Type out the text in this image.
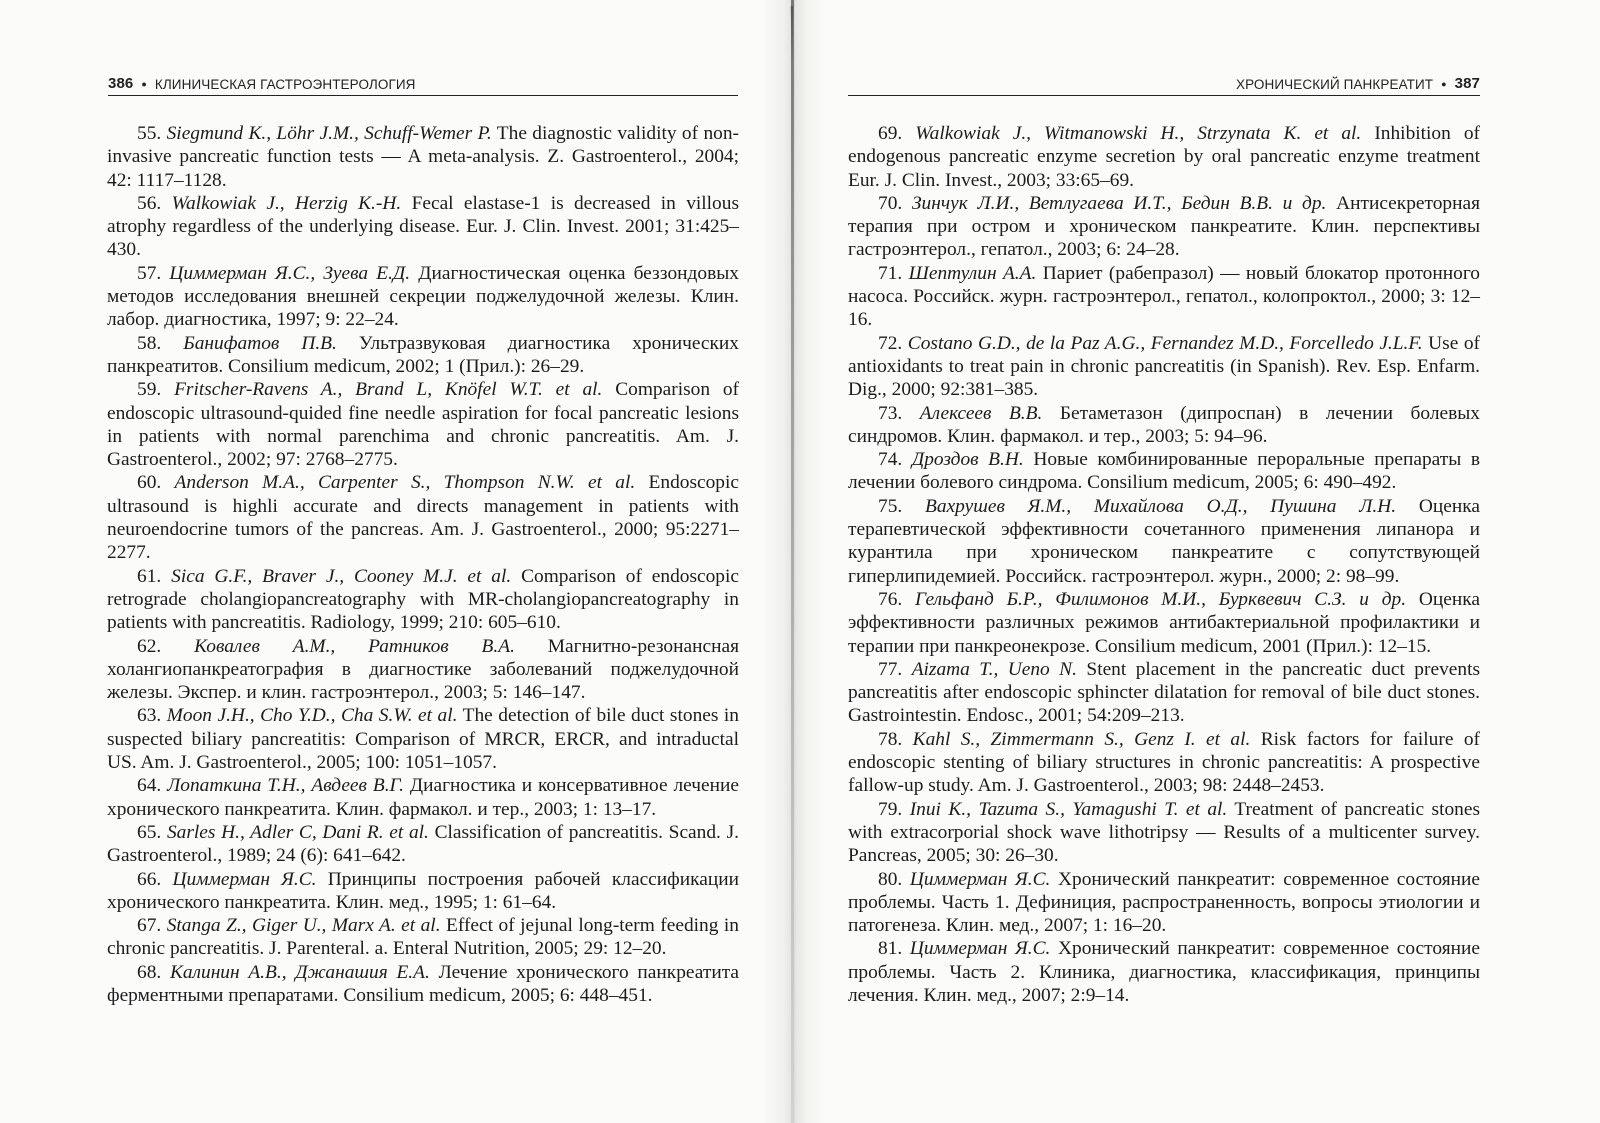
386 ● КЛИНИЧЕСКАЯ ГАСТРОЭНТЕРОЛОГИЯ	ХРОНИЧЕСКИЙ ПАНКРЕАТИТ ● 387
55. Siegmund K., Löhr J.M., Schuff-Wemer P. The diagnostic validity of non-invasive pancreatic function tests — A meta-analysis. Z. Gastroenterol., 2004; 42: 1117–1128.
56. Walkowiak J., Herzig K.-H. Fecal elastase-1 is decreased in villous atrophy regardless of the underlying disease. Eur. J. Clin. Invest. 2001; 31:425–430.
57. Циммерман Я.С., Зуева Е.Д. Диагностическая оценка беззондовых методов исследования внешней секреции поджелудочной железы. Клин. лабор. диагностика, 1997; 9: 22–24.
58. Банифатов П.В. Ультразвуковая диагностика хронических панкреатитов. Consilium medicum, 2002; 1 (Прил.): 26–29.
59. Fritscher-Ravens A., Brand L, Knöfel W.T. et al. Comparison of endoscopic ultrasound-quided fine needle aspiration for focal pancreatic lesions in patients with normal parenchima and chronic pancreatitis. Am. J. Gastroenterol., 2002; 97: 2768–2775.
60. Anderson M.A., Carpenter S., Thompson N.W. et al. Endoscopic ultrasound is highli accurate and directs management in patients with neuroendocrine tumors of the pancreas. Am. J. Gastroenterol., 2000; 95:2271–2277.
61. Sica G.F., Braver J., Cooney M.J. et al. Comparison of endoscopic retrograde cholangiopancreatography with MR-cholangiopancreatography in patients with pancreatitis. Radiology, 1999; 210: 605–610.
62. Ковалев А.М., Ратников В.А. Магнитно-резонансная холангиопанкреатография в диагностике заболеваний поджелудочной железы. Экспер. и клин. гастроэнтерол., 2003; 5: 146–147.
63. Moon J.H., Cho Y.D., Cha S.W. et al. The detection of bile duct stones in suspected biliary pancreatitis: Comparison of MRCR, ERCR, and intraductal US. Am. J. Gastroenterol., 2005; 100: 1051–1057.
64. Лопаткина Т.Н., Авдеев В.Г. Диагностика и консервативное лечение хронического панкреатита. Клин. фармакол. и тер., 2003; 1: 13–17.
65. Sarles H., Adler C, Dani R. et al. Classification of pancreatitis. Scand. J. Gastroenterol., 1989; 24 (6): 641–642.
66. Циммерман Я.С. Принципы построения рабочей классификации хронического панкреатита. Клин. мед., 1995; 1: 61–64.
67. Stanga Z., Giger U., Marx A. et al. Effect of jejunal long-term feeding in chronic pancreatitis. J. Parenteral. a. Enteral Nutrition, 2005; 29: 12–20.
68. Калинин А.В., Джанашия Е.А. Лечение хронического панкреатита ферментными препаратами. Consilium medicum, 2005; 6: 448–451.
69. Walkowiak J., Witmanowski H., Strzynata K. et al. Inhibition of endogenous pancreatic enzyme secretion by oral pancreatic enzyme treatment Eur. J. Clin. Invest., 2003; 33:65–69.
70. Зинчук Л.И., Ветлугаева И.Т., Бедин В.В. и др. Антисекреторная терапия при остром и хроническом панкреатите. Клин. перспективы гастроэнтерол., гепатол., 2003; 6: 24–28.
71. Шептулин А.А. Париет (рабепразол) — новый блокатор протонного насоса. Российск. журн. гастроэнтерол., гепатол., колопроктол., 2000; 3: 12–16.
72. Costano G.D., de la Paz A.G., Fernandez M.D., Forcelledo J.L.F. Use of antioxidants to treat pain in chronic pancreatitis (in Spanish). Rev. Esp. Enfarm. Dig., 2000; 92:381–385.
73. Алексеев В.В. Бетаметазон (дипроспан) в лечении болевых синдромов. Клин. фармакол. и тер., 2003; 5: 94–96.
74. Дроздов В.Н. Новые комбинированные пероральные препараты в лечении болевого синдрома. Consilium medicum, 2005; 6: 490–492.
75. Вахрушев Я.М., Михайлова О.Д., Пушина Л.Н. Оценка терапевтической эффективности сочетанного применения липанора и курантила при хроническом панкреатите с сопутствующей гиперлипидемией. Российск. гастроэнтерол. журн., 2000; 2: 98–99.
76. Гельфанд Б.Р., Филимонов М.И., Бурквевич С.З. и др. Оценка эффективности различных режимов антибактериальной профилактики и терапии при панкреонекрозе. Consilium medicum, 2001 (Прил.): 12–15.
77. Aizama T., Ueno N. Stent placement in the pancreatic duct prevents pancreatitis after endoscopic sphincter dilatation for removal of bile duct stones. Gastrointestin. Endosc., 2001; 54:209–213.
78. Kahl S., Zimmermann S., Genz I. et al. Risk factors for failure of endoscopic stenting of biliary structures in chronic pancreatitis: A prospective fallow-up study. Am. J. Gastroenterol., 2003; 98: 2448–2453.
79. Inui K., Tazuma S., Yamagushi T. et al. Treatment of pancreatic stones with extracorporial shock wave lithotripsy — Results of a multicenter survey. Pancreas, 2005; 30: 26–30.
80. Циммерман Я.С. Хронический панкреатит: современное состояние проблемы. Часть 1. Дефиниция, распространенность, вопросы этиологии и патогенеза. Клин. мед., 2007; 1: 16–20.
81. Циммерман Я.С. Хронический панкреатит: современное состояние проблемы. Часть 2. Клиника, диагностика, классификация, принципы лечения. Клин. мед., 2007; 2:9–14.
